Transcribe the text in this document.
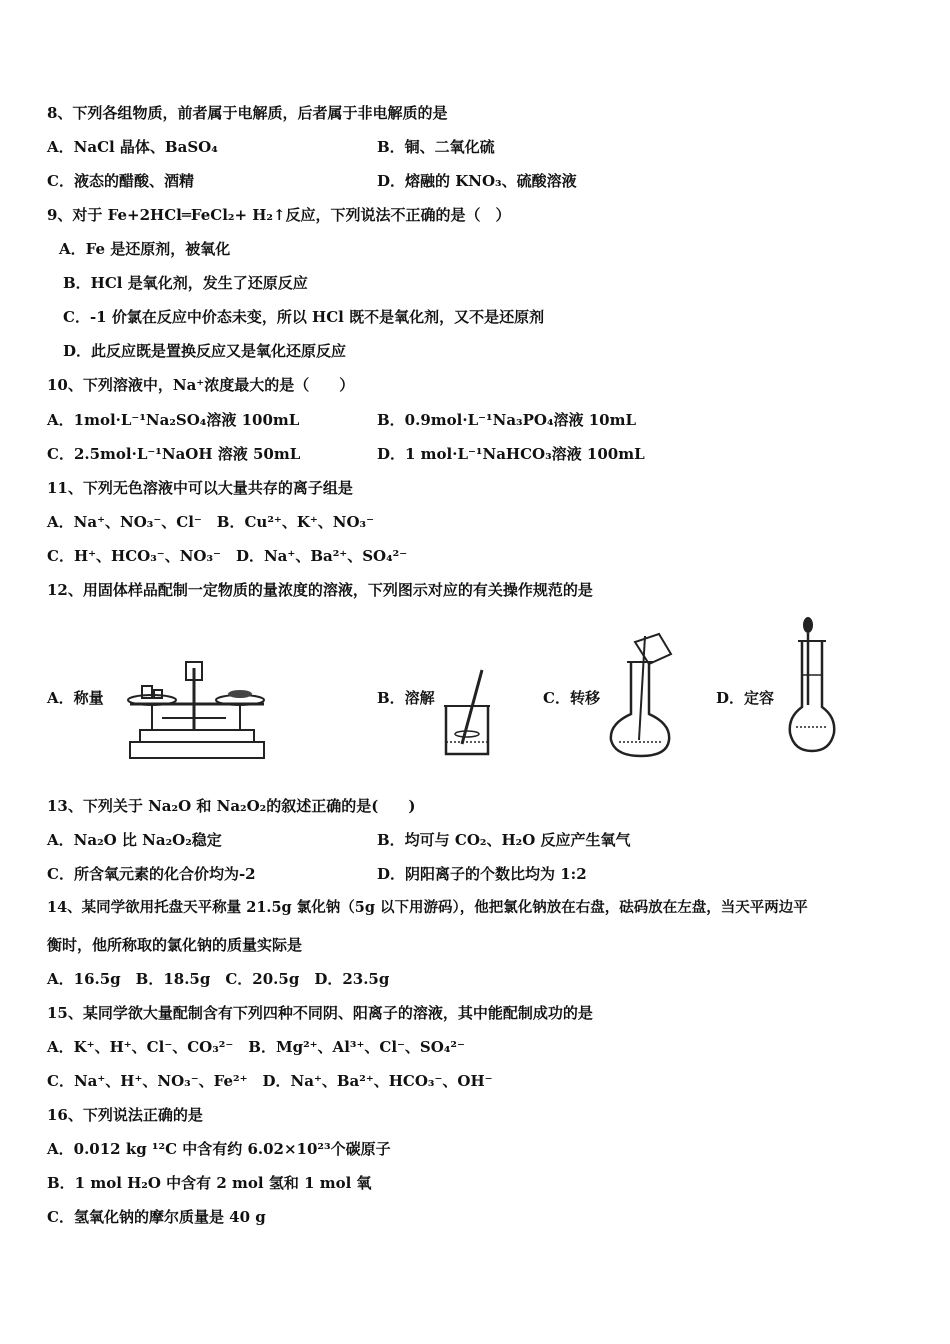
8、下列各组物质，前者属于电解质，后者属于非电解质的是
A．NaCl 晶体、BaSO₄	B．铜、二氧化硫
C．液态的醋酸、酒精	D．熔融的 KNO₃、硫酸溶液
9、对于 Fe+2HCl═FeCl₂+ H₂↑反应，下列说法不正确的是（　）
A．Fe 是还原剂，被氧化
B．HCl 是氧化剂，发生了还原反应
C．-1 价氯在反应中价态未变，所以 HCl 既不是氧化剂，又不是还原剂
D．此反应既是置换反应又是氧化还原反应
10、下列溶液中，Na⁺浓度最大的是（　　）
A．1mol·L⁻¹Na₂SO₄溶液 100mL	B．0.9mol·L⁻¹Na₃PO₄溶液 10mL
C．2.5mol·L⁻¹NaOH 溶液 50mL	D．1 mol·L⁻¹NaHCO₃溶液 100mL
11、下列无色溶液中可以大量共存的离子组是
A．Na⁺、NO₃⁻、Cl⁻　B．Cu²⁺、K⁺、NO₃⁻
C．H⁺、HCO₃⁻、NO₃⁻　D．Na⁺、Ba²⁺、SO₄²⁻
12、用固体样品配制一定物质的量浓度的溶液，下列图示对应的有关操作规范的是
A．称量	B．溶解	C．转移	D．定容
13、下列关于 Na₂O 和 Na₂O₂的叙述正确的是(　　)
A．Na₂O 比 Na₂O₂稳定	B．均可与 CO₂、H₂O 反应产生氧气
C．所含氧元素的化合价均为-2	D．阴阳离子的个数比均为 1:2
14、某同学欲用托盘天平称量 21.5g 氯化钠（5g 以下用游码），他把氯化钠放在右盘，砝码放在左盘，当天平两边平
衡时，他所称取的氯化钠的质量实际是
A．16.5g　B．18.5g　C．20.5g　D．23.5g
15、某同学欲大量配制含有下列四种不同阴、阳离子的溶液，其中能配制成功的是
A．K⁺、H⁺、Cl⁻、CO₃²⁻　B．Mg²⁺、Al³⁺、Cl⁻、SO₄²⁻
C．Na⁺、H⁺、NO₃⁻、Fe²⁺　D．Na⁺、Ba²⁺、HCO₃⁻、OH⁻
16、下列说法正确的是
A．0.012 kg ¹²C 中含有约 6.02×10²³个碳原子
B．1 mol H₂O 中含有 2 mol 氢和 1 mol 氧
C．氢氧化钠的摩尔质量是 40 g
